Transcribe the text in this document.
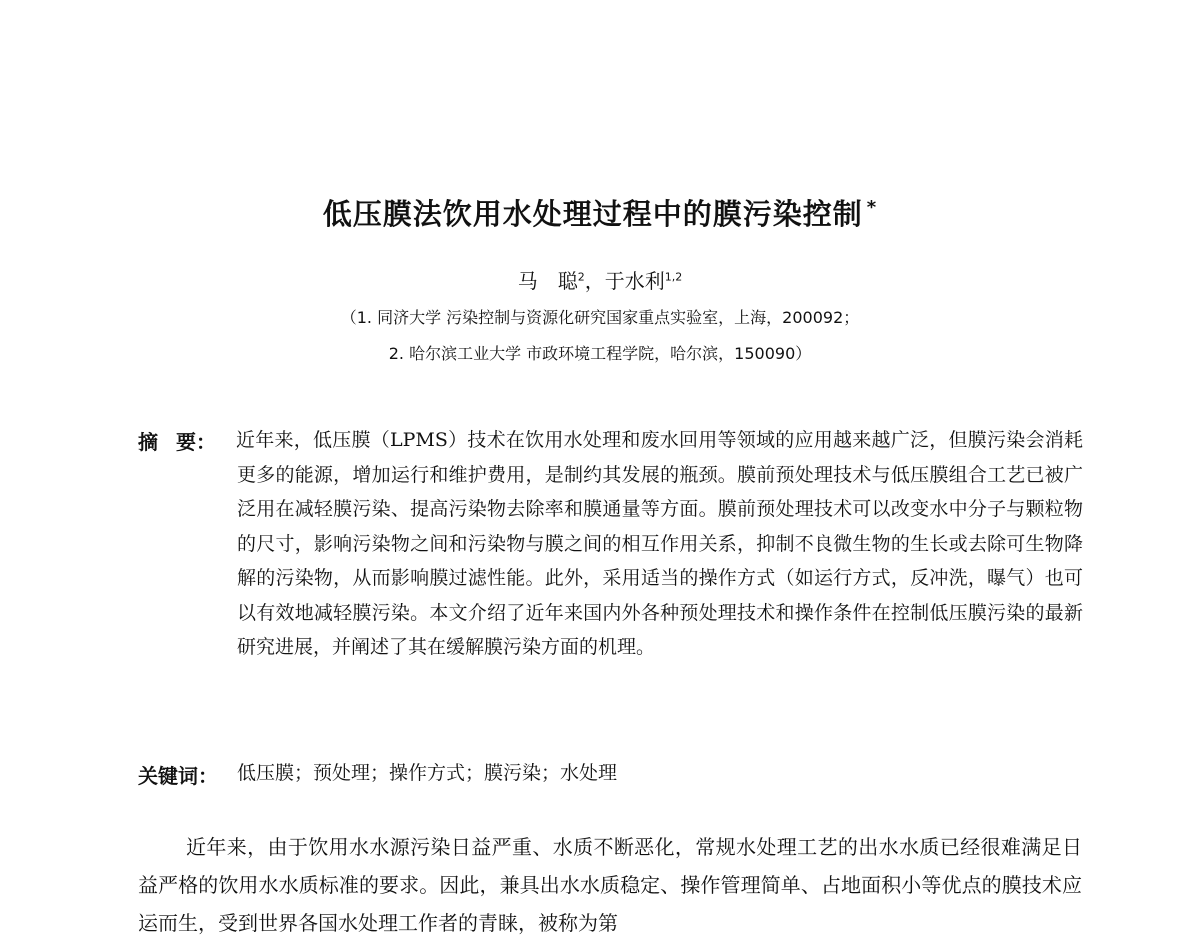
低压膜法饮用水处理过程中的膜污染控制 *
马　聪$^2$，于水利$^{1,2}$
（1. 同济大学 污染控制与资源化研究国家重点实验室，上海，200092；
2. 哈尔滨工业大学 市政环境工程学院，哈尔滨，150090）
摘 要： 近年来，低压膜（LPMS）技术在饮用水处理和废水回用等领域的应用越来越广泛，但膜污染会消耗更多的能源，增加运行和维护费用，是制约其发展的瓶颈。膜前预处理技术与低压膜组合工艺已被广泛用在减轻膜污染、提高污染物去除率和膜通量等方面。膜前预处理技术可以改变水中分子与颗粒物的尺寸，影响污染物之间和污染物与膜之间的相互作用关系，抑制不良微生物的生长或去除可生物降解的污染物，从而影响膜过滤性能。此外，采用适当的操作方式（如运行方式，反冲洗，曝气）也可以有效地减轻膜污染。本文介绍了近年来国内外各种预处理技术和操作条件在控制低压膜污染的最新研究进展，并阐述了其在缓解膜污染方面的机理。
关键词： 低压膜；预处理；操作方式；膜污染；水处理
近年来，由于饮用水水源污染日益严重、水质不断恶化，常规水处理工艺的出水水质已经很难满足日益严格的饮用水水质标准的要求。因此，兼具出水水质稳定、操作管理简单、占地面积小等优点的膜技术应运而生，受到世界各国水处理工作者的青睐，被称为第
